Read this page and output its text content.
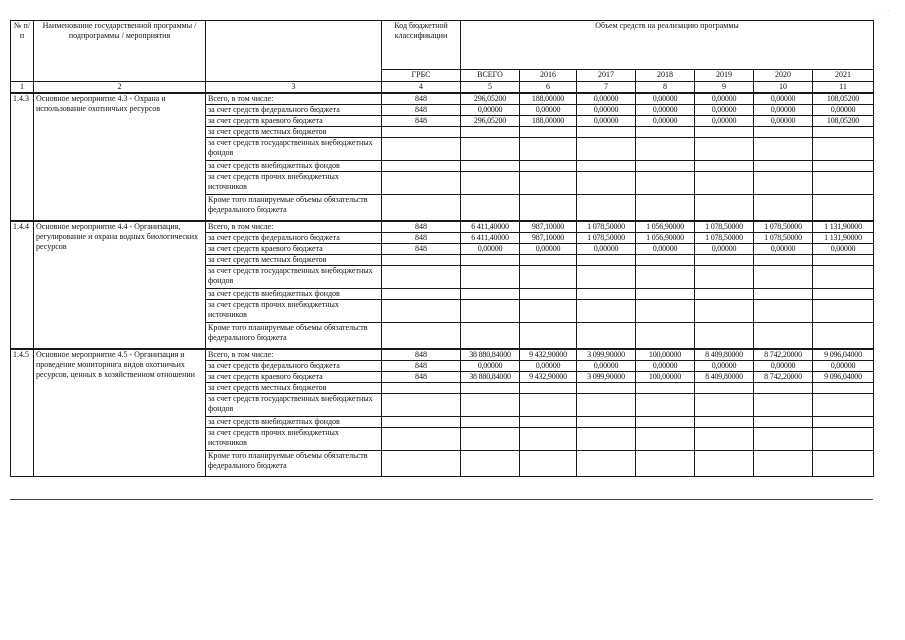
· · ·
№ п/п	Наименование государственной программы / подпрограммы / мероприятия		Код бюджетной классификации	Объем средств на реализацию программы						
			ГРБС	ВСЕГО	2016	2017	2018	2019	2020	2021
1	2	3	4	5	6	7	8	9	10	11
1.4.3	Основное мероприятие 4.3 - Охрана и использование охотничьих ресурсов	Всего, в том числе:	848	296,05200	188,00000	0,00000	0,00000	0,00000	0,00000	108,05200
		за счет средств федерального бюджета	848	0,00000	0,00000	0,00000	0,00000	0,00000	0,00000	0,00000
		за счет средств краевого бюджета	848	296,05200	188,00000	0,00000	0,00000	0,00000	0,00000	108,05200
		за счет средств местных бюджетов								
		за счет средств государственных внебюджетных фондов								
		за счет средств внебюджетных фондов								
		за счет средств прочих внебюджетных источников								
		Кроме того планируемые объемы обязательств федерального бюджета								
1.4.4	Основное мероприятие 4.4 - Организация, регулирование и охрана водных биологических ресурсов	Всего, в том числе:	848	6 411,40000	987,10000	1 078,50000	1 056,90000	1 078,50000	1 078,50000	1 131,90000
		за счет средств федерального бюджета	848	6 411,40000	987,10000	1 078,50000	1 056,90000	1 078,50000	1 078,50000	1 131,90000
		за счет средств краевого бюджета	848	0,00000	0,00000	0,00000	0,00000	0,00000	0,00000	0,00000
		за счет средств местных бюджетов								
		за счет средств государственных внебюджетных фондов								
		за счет средств внебюджетных фондов								
		за счет средств прочих внебюджетных источников								
		Кроме того планируемые объемы обязательств федерального бюджета								
1.4.5	Основное мероприятие 4.5 - Организация и проведение мониторинга видов охотничьих ресурсов, ценных в хозяйственном отношении	Всего, в том числе:	848	38 880,84000	9 432,90000	3 099,90000	100,00000	8 409,80000	8 742,20000	9 096,04000
		за счет средств федерального бюджета	848	0,00000	0,00000	0,00000	0,00000	0,00000	0,00000	0,00000
		за счет средств краевого бюджета	848	38 880,84000	9 432,90000	3 099,90000	100,00000	8 409,80000	8 742,20000	9 096,04000
		за счет средств местных бюджетов								
		за счет средств государственных внебюджетных фондов								
		за счет средств внебюджетных фондов								
		за счет средств прочих внебюджетных источников								
		Кроме того планируемые объемы обязательств федерального бюджета								
